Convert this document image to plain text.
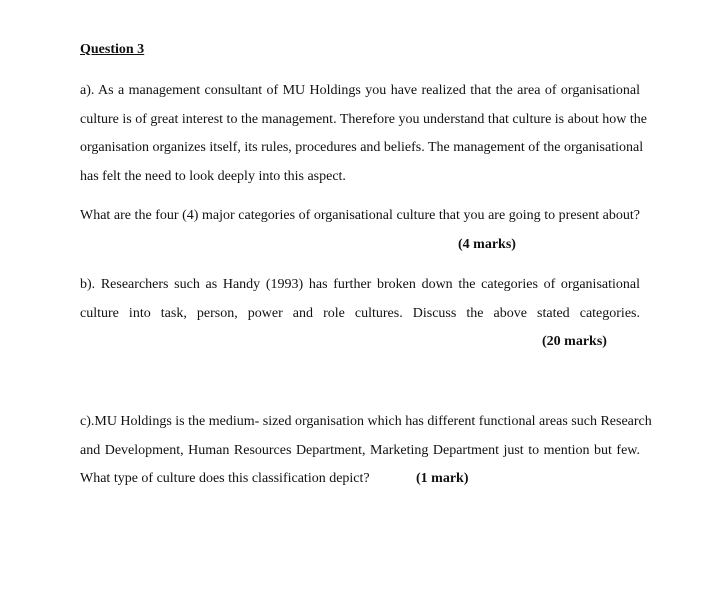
Question 3
a). As a management consultant of MU Holdings you have realized that the area of organisational
culture is of great interest to the management. Therefore you understand that culture is about how the
organisation organizes itself, its rules, procedures and beliefs. The management of the organisational
has felt the need to look deeply into this aspect.
What are the four (4) major categories of organisational culture that you are going to present about?
(4 marks)
b). Researchers such as Handy (1993) has further broken down the categories of organisational
culture into task, person, power and role cultures. Discuss the above stated categories.
(20 marks)
c).MU Holdings is the medium- sized organisation which has different functional areas such Research
and Development, Human Resources Department, Marketing Department just to mention but few.
What type of culture does this classification depict?	(1 mark)
